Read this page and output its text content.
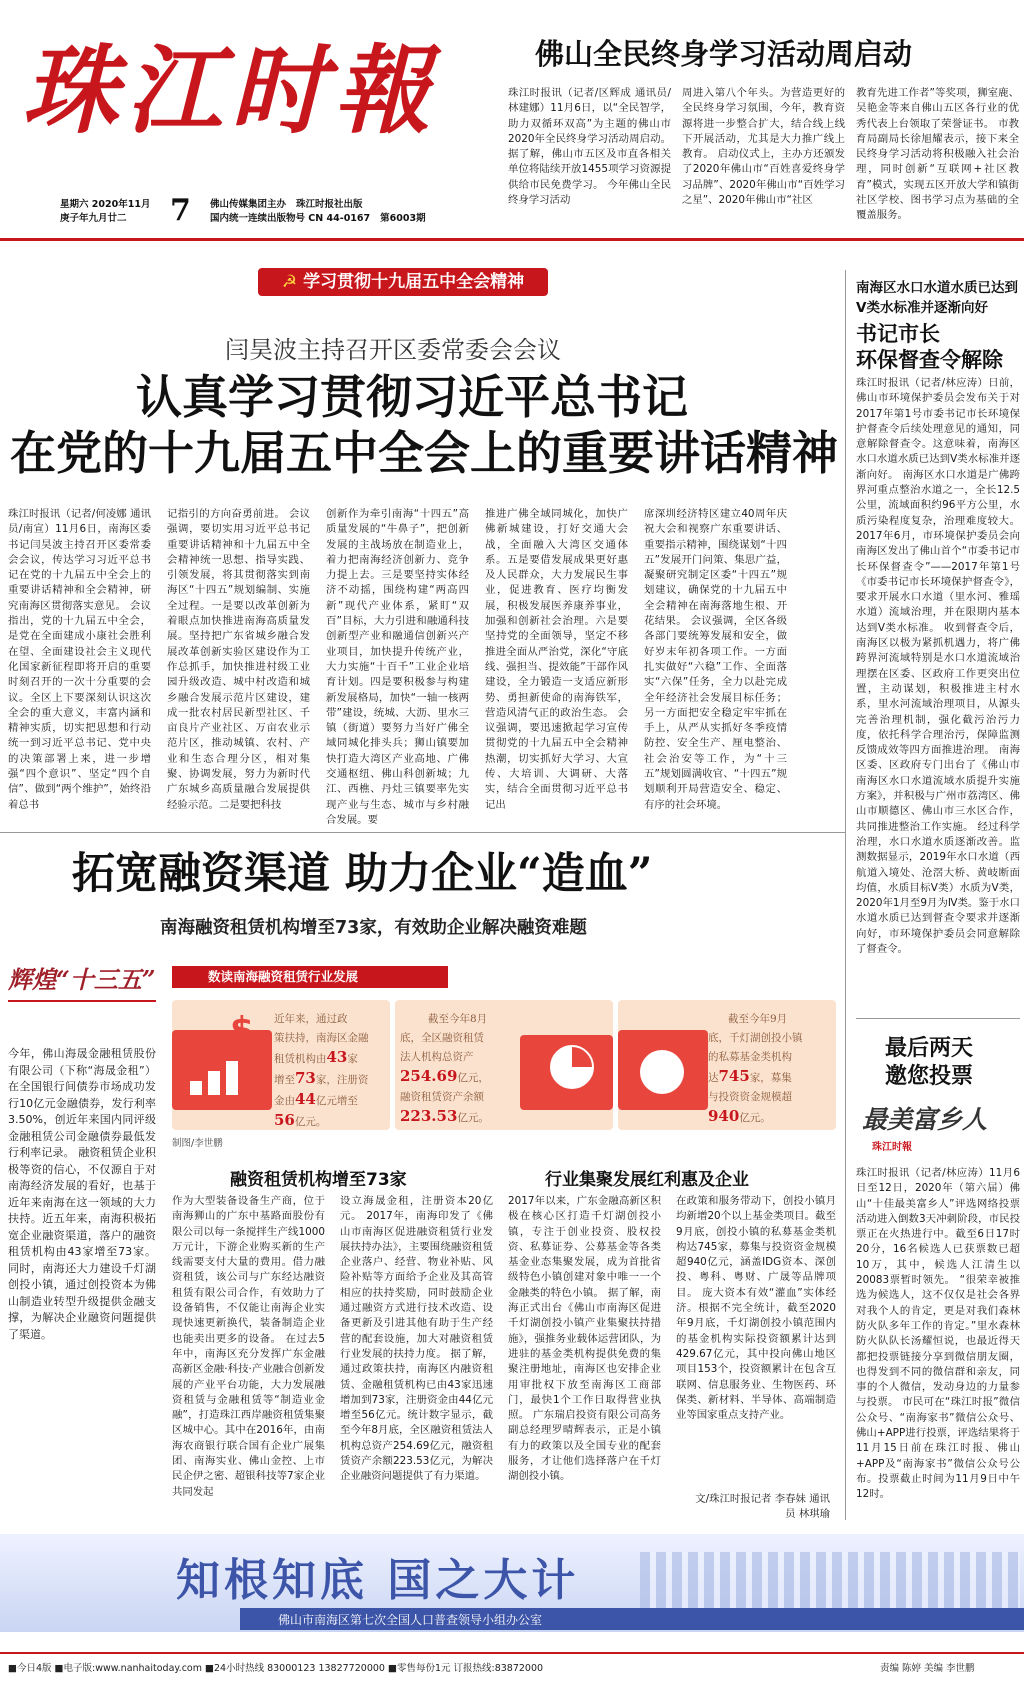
珠江时報
星期六 2020年11月
庚子年九月廿二	7 佛山传媒集团主办 珠江时报社出版
国内统一连续出版物号 CN 44-0167 第6003期
佛山全民终身学习活动周启动
珠江时报讯（记者/区辉成 通讯员/林建娜）11月6日，以“全民智学，助力双循环双高”为主题的佛山市2020年全民终身学习活动周启动。据了解，佛山市五区及市直各相关单位将陆续开放1455项学习资源提供给市民免费学习。 今年佛山全民终身学习活动
周进入第八个年头。为营造更好的全民终身学习氛围，今年，教育资源将进一步整合扩大，结合线上线下开展活动，尤其是大力推广线上教育。 启动仪式上，主办方还颁发了2020年佛山市“百姓喜爱终身学习品牌”、2020年佛山市“百姓学习之星”、2020年佛山市“社区
教育先进工作者”等奖项，狮室鹿、吴艳金等来自佛山五区各行业的优秀代表上台领取了荣誉证书。 市教育局副局长徐旭耀表示，接下来全民终身学习活动将积极融入社会治理，同时创新“互联网+社区教育”模式，实现五区开放大学和镇街社区学校、图书学习点为基础的全覆盖服务。
☭ 学习贯彻十九届五中全会精神
闫昊波主持召开区委常委会会议
认真学习贯彻习近平总书记
在党的十九届五中全会上的重要讲话精神
珠江时报讯（记者/何凌娜 通讯员/南宣）11月6日，南海区委书记闫昊波主持召开区委常委会会议，传达学习习近平总书记在党的十九届五中全会上的重要讲话精神和全会精神，研究南海区贯彻落实意见。 会议指出，党的十九届五中全会，是党在全面建成小康社会胜利在望、全面建设社会主义现代化国家新征程即将开启的重要时刻召开的一次十分重要的会议。全区上下要深刻认识这次全会的重大意义，丰富内涵和精神实质，切实把思想和行动统一到习近平总书记、党中央的决策部署上来，进一步增强“四个意识”、坚定“四个自信”、做到“两个维护”，始终沿着总书
记指引的方向奋勇前进。 会议强调，要切实用习近平总书记重要讲话精神和十九届五中全会精神统一思想、指导实践、引领发展，将其贯彻落实到南海区“十四五”规划编制、实施全过程。一是要以改革创新为着眼点加快推进南海高质量发展。坚持把广东省城乡融合发展改革创新实验区建设作为工作总抓手，加快推进村级工业园升级改造、城中村改造和城乡融合发展示范片区建设，建成一批农村居民新型社区、千亩良片产业社区、万亩农业示范片区，推动城镇、农村、产业和生态合理分区，相对集聚、协调发展，努力为新时代广东城乡高质量融合发展提供经验示范。二是要把科技
创新作为牵引南海“十四五”高质量发展的“牛鼻子”，把创新发展的主战场放在制造业上，着力把南海经济创新力、竞争力提上去。三是要坚持实体经济不动摇，围绕构建“两高四新”现代产业体系，紧盯“双百”目标，大力引进和融通科技创新型产业和融通信创新兴产业项目，加快提升传统产业，大力实施“十百千”工业企业培育计划。四是要积极参与构建新发展格局，加快“一轴一核两带”建设，统城、大沥、里水三镇（街道）要努力当好广佛全域同城化排头兵；狮山镇要加快打造大湾区产业高地、广佛交通枢纽、佛山科创新城；九江、西樵、丹灶三镇要率先实现产业与生态、城市与乡村融合发展。要
推进广佛全域同城化，加快广佛新城建设，打好交通大会战，全面融入大湾区交通体系。五是要借发展成果更好惠及人民群众，大力发展民生事业，促进教育、医疗均衡发展，积极发展医养康养事业，加强和创新社会治理。六是要坚持党的全面领导，坚定不移推进全面从严治党，深化“守底线、强担当、提效能”干部作风建设，全力锻造一支适应新形势、勇担新使命的南海铁军，营造风清气正的政治生态。 会议强调，要迅速掀起学习宣传贯彻党的十九届五中全会精神热潮，切实抓好大学习、大宣传、大培训、大调研、大落实，结合全面贯彻习近平总书记出
席深圳经济特区建立40周年庆祝大会和视察广东重要讲话、重要指示精神，围绕谋划“十四五”发展开门问策、集思广益，凝聚研究制定区委“十四五”规划建议，确保党的十九届五中全会精神在南海落地生根、开花结果。 会议强调，全区各级各部门要统筹发展和安全，做好岁末年初各项工作。一方面扎实做好“六稳”工作、全面落实“六保”任务，全力以赴完成全年经济社会发展目标任务；另一方面把安全稳定牢牢抓在手上，从严从实抓好冬季疫情防控、安全生产、厘电整治、社会治安等工作，为“十三五”规划圆满收官、“十四五”规划顺利开局营造安全、稳定、有序的社会环境。
南海区水口水道水质已达到Ⅴ类水标准并逐渐向好
书记市长
环保督查令解除
珠江时报讯（记者/林应涛）日前，佛山市环境保护委员会发布关于对2017年第1号市委书记市长环境保护督查令后续处理意见的通知，同意解除督查令。这意味着，南海区水口水道水质已达到Ⅴ类水标准并逐渐向好。 南海区水口水道是广佛跨界河重点整治水道之一，全长12.5公里，流域面积约96平方公里，水质污染程度复杂，治理难度较大。 2017年6月，市环境保护委员会向南海区发出了佛山首个“市委书记市长环保督查令”——2017年第1号《市委书记市长环境保护督查令》，要求开展水口水道（里水河、雅瑶水道）流域治理，并在限期内基本达到Ⅴ类水标准。 收到督查令后，南海区以极为紧抓机遇力，将广佛跨界河流域特别是水口水道流域治理摆在区委、区政府工作更突出位置，主动谋划，积极推进主村水系，里水河流域治理项目，从源头完善治理机制，强化截污治污力度，依托科学合理治污，保障监测反馈成效等四方面推进治理。 南海区委、区政府专门出台了《佛山市南海区水口水道流域水质提升实施方案》，并积极与广州市荔湾区、佛山市顺德区、佛山市三水区合作，共同推进整治工作实施。 经过科学治理，水口水道水质逐渐改善。监测数据显示，2019年水口水道（西航道入境处、沧滘大桥、黄岐断面均值，水质目标Ⅴ类）水质为Ⅴ类，2020年1月至9月为Ⅳ类。鉴于水口水道水质已达到督查令要求并逐渐向好，市环境保护委员会同意解除了督查令。
拓宽融资渠道 助力企业“造血”
南海融资租赁机构增至73家，有效助企业解决融资难题
辉煌“十三五”
今年，佛山海晟金融租赁股份有限公司（下称“海晟金租”）在全国银行间债券市场成功发行10亿元金融债券，发行利率3.50%，创近年来国内同评级金融租赁公司金融债券最低发行利率记录。 融资租赁企业积极等资的信心，不仅源自于对南海经济发展的看好，也基于近年来南海在这一领域的大力扶持。近五年来，南海积极拓宽企业融资渠道，落户的融资租赁机构由43家增至73家。 同时，南海还大力建设千灯湖创投小镇，通过创投资本为佛山制造业转型升级提供金融支撑，为解决企业融资问题提供了渠道。
数读南海融资租赁行业发展
$ 近年来，通过政
策扶持，南海区金融
租赁机构由43家
增至73家，注册资
金由44亿元增至
56亿元。
截至今年8月
底，全区融资租赁
法人机构总资产
254.69亿元，
融资租赁资产余额
223.53亿元。
截至今年9月
底，千灯湖创投小镇
的私募基金类机构
达745家，募集
与投资资金规模超
940亿元。
制图/李世鹏
融资租赁机构增至73家	行业集聚发展红利惠及企业
作为大型装备设备生产商，位于南海狮山的广东中基路面股份有限公司以每一条搅拌生产线1000万元计，下游企业购买新的生产线需要支付大量的费用。借力融资租赁，该公司与广东经达融资租赁有限公司合作，有效助力了设备销售，不仅能让南海企业实现快速更新换代，装备制造企业也能卖出更多的设备。 在过去5年中，南海区充分发挥广东金融高新区金融·科技·产业融合创新发展的产业平台功能，大力发展融资租赁与金融租赁等“制造业金融”，打造珠江西岸融资租赁集聚区城中心。其中在2016年，由南海农商银行联合国有企业广展集团、南海实业、佛山金控、上市民企伊之密、超银科技等7家企业共同发起
设立海晟金租，注册资本20亿元。 2017年，南海印发了《佛山市南海区促进融资租赁行业发展扶持办法》，主要围绕融资租赁企业落户、经营、物业补贴、风险补贴等方面给予企业及其高管相应的扶持奖励，同时鼓励企业通过融资方式进行技术改造、设备更新及引进其他有助于生产经营的配套设施，加大对融资租赁行业发展的扶持力度。 据了解，通过政策扶持，南海区内融资租赁、金融租赁机构已由43家迅速增加到73家，注册资金由44亿元增至56亿元。统计数字显示，截至今年8月底，全区融资租赁法人机构总资产254.69亿元，融资租赁资产余额223.53亿元，为解决企业融资问题提供了有力渠道。
2017年以来，广东金融高新区积极在核心区打造千灯湖创投小镇，专注于创业投资、股权投资、私募证券、公募基金等各类基金业态集聚发展，成为首批省级特色小镇创建对象中唯一一个金融类的特色小镇。 据了解，南海正式出台《佛山市南海区促进千灯湖创投小镇产业集聚扶持措施》，强推务业载体运营团队，为进驻的基金类机构提供免费的集聚注册地址，南海区也安排企业用审批权下放至南海区工商部门，最快1个工作日取得营业执照。 广东瑞启投资有限公司高务副总经理罗晴辉表示，正是小镇有力的政策以及全国专业的配套服务，才让他们选择落户在千灯湖创投小镇。
在政策和服务带动下，创投小镇月均新增20个以上基金类项目。截至9月底，创投小镇的私募基金类机构达745家，募集与投资资金规模超940亿元，涵盖IDG资本、深创投、粤科、粤财、广晟等品牌项目。 庞大资本有效“灌血”实体经济。根据不完全统计，截至2020年9月底，千灯湖创投小镇范围内的基金机构实际投资额累计达到429.67亿元，其中投向佛山地区项目153个，投资额累计在包含互联网、信息服务业、生物医药、环保类、新材料、半导体、高端制造业等国家重点支持产业。
文/珠江时报记者 李春妹 通讯员 林琪瑜
最后两天
邀您投票
最美富乡人
珠江时報
珠江时报讯（记者/林应涛）11月6日至12日，2020年（第六届）佛山“十佳最美富乡人”评选网络投票活动进入倒数3天冲刺阶段，市民投票正在火热进行中。截至6日17时20分，16名候选人已获票数已超10万，其中，候选人江清生以20083票暂时领先。 “很荣幸被推选为候选人，这不仅仅是社会各界对我个人的肯定，更是对我们森林防火队多年工作的肯定。”里水森林防火队队长汤耀恒说，也最近得天都把投票链接分享到微信朋友圈，也得发到不同的微信群和亲友，同事的个人微信，发动身边的力量参与投票。 市民可在“珠江时报”微信公众号、“南海家书”微信公众号、佛山+APP进行投票，评选结果将于11月15日前在珠江时报、佛山+APP及“南海家书”微信公众号公布。投票截止时间为11月9日中午12时。
知根知底 国之大计
佛山市南海区第七次全国人口普查领导小组办公室
■今日4版 ■电子版:www.nanhaitoday.com ■24小时热线 83000123 13827720000 ■零售每份1元 订报热线:83872000	责编 陈婷 美编 李世鹏
